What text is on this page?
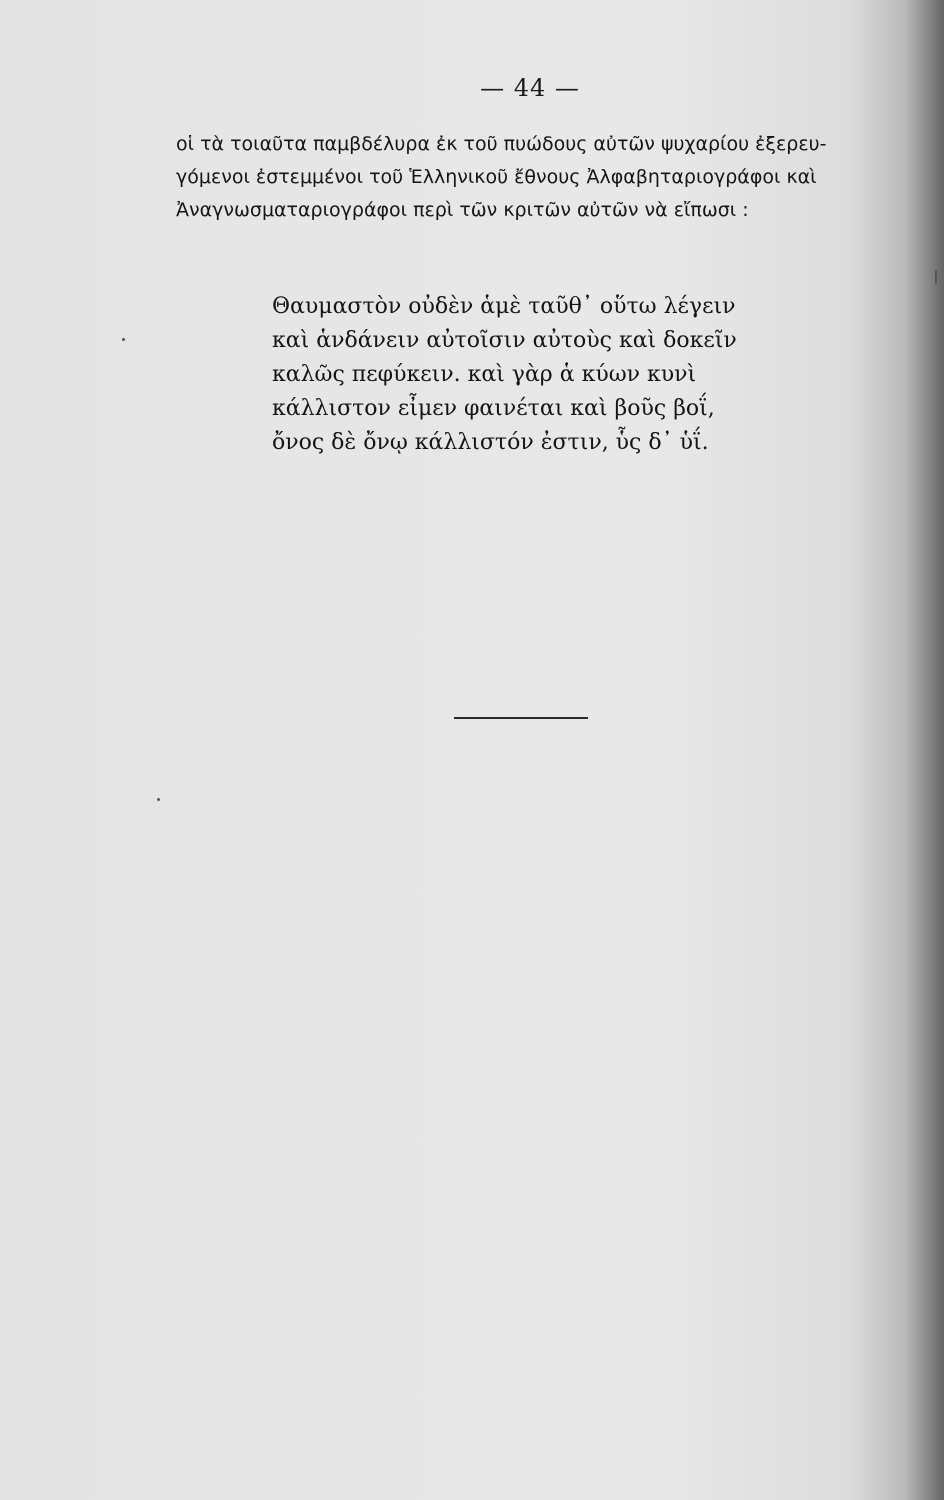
— 44 —
οἱ τὰ τοιαῦτα παμβδέλυρα ἐκ τοῦ πυώδους αὐτῶν ψυχαρίου ἐξερευ-
γόμενοι ἐστεμμένοι τοῦ Ἑλληνικοῦ ἔθνους Ἀλφαβηταριογράφοι καὶ
Ἀναγνωσματαριογράφοι περὶ τῶν κριτῶν αὐτῶν νὰ εἴπωσι :
Θαυμαστὸν οὐδὲν ἁμὲ ταῦθ᾽ οὕτω λέγειν
καὶ ἁνδάνειν αὐτοῖσιν αὐτοὺς καὶ δοκεῖν
καλῶς πεφύκειν. καὶ γὰρ ἁ κύων κυνὶ
κάλλιστον εἶμεν φαινέται καὶ βοῦς βοΐ,
ὄνος δὲ ὄνῳ κάλλιστόν ἐστιν, ὗς δ᾽ ὑΐ.
